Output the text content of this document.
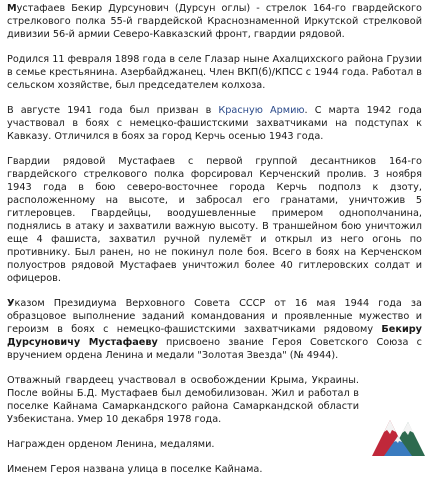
Мустафаев Бекир Дурсунович (Дурсун оглы) - стрелок 164-го гвардейского стрелкового полка 55-й гвардейской Краснознаменной Иркутской стрелковой дивизии 56-й армии Северо-Кавказский фронт, гвардии рядовой.

Родился 11 февраля 1898 года в селе Глазар ныне Ахалцихского района Грузии в семье крестьянина. Азербайджанец. Член ВКП(б)/КПСС с 1944 года. Работал в сельском хозяйстве, был председателем колхоза.

В августе 1941 года был призван в Красную Армию. С марта 1942 года участвовал в боях с немецко-фашистскими захватчиками на подступах к Кавказу. Отличился в боях за город Керчь осенью 1943 года.

Гвардии рядовой Мустафаев с первой группой десантников 164-го гвардейского стрелкового полка форсировал Керченский пролив. 3 ноября 1943 года в бою северо-восточнее города Керчь подполз к дзоту, расположенному на высоте, и забросал его гранатами, уничтожив 5 гитлеровцев. Гвардейцы, воодушевленные примером однополчанина, поднялись в атаку и захватили важную высоту. В траншейном бою уничтожил еще 4 фашиста, захватил ручной пулемёт и открыл из него огонь по противнику. Был ранен, но не покинул поле боя. Всего в боях на Керченском полуостров рядовой Мустафаев уничтожил более 40 гитлеровских солдат и офицеров.

Указом Президиума Верховного Совета СССР от 16 мая 1944 года за образцовое выполнение заданий командования и проявленные мужество и героизм в боях с немецко-фашистскими захватчиками рядовому Бекиру Дурсуновичу Мустафаеву присвоено звание Героя Советского Союза с вручением ордена Ленина и медали "Золотая Звезда" (№ 4944).

Отважный гвардеец участвовал в освобождении Крыма, Украины. После войны Б.Д. Мустафаев был демобилизован. Жил и работал в поселке Кайнама Самаркандского района Самаркандской области Узбекистана. Умер 10 декабря 1978 года.

Награжден орденом Ленина, медалями.

Именем Героя названа улица в поселке Кайнама.
